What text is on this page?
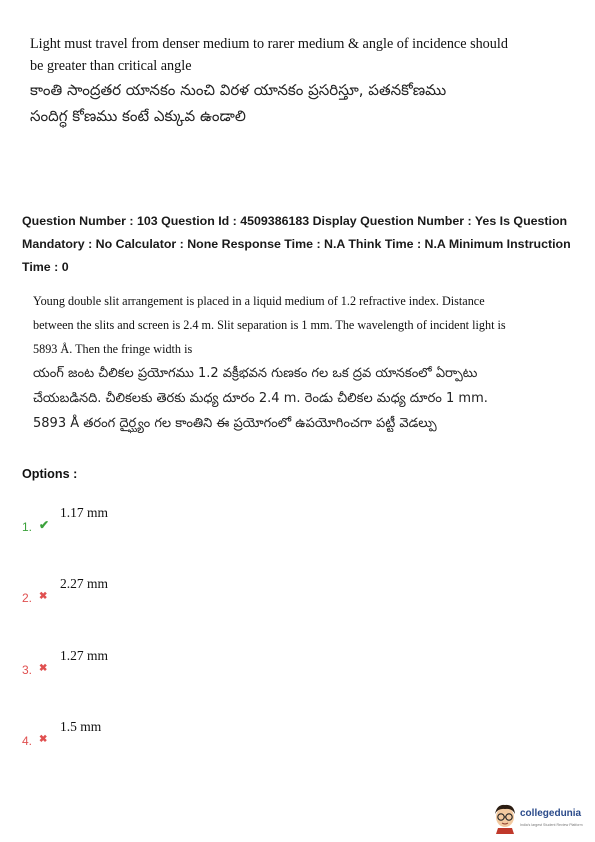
Light must travel from denser medium to rarer medium & angle of incidence should

be greater than critical angle

కాంతి సాంద్రతర యానకం నుంచి విరళ యానకం ప్రసరిస్తూ, పతనకోణము

సందిగ్ధ కోణము కంటే ఎక్కువ ఉండాలి

Question Number : 103 Question Id : 4509386183 Display Question Number : Yes Is Question Mandatory : No Calculator : None Response Time : N.A Think Time : N.A Minimum Instruction Time : 0

Young double slit arrangement is placed in a liquid medium of 1.2 refractive index. Distance

between the slits and screen is 2.4 m. Slit separation is 1 mm. The wavelength of incident light is

5893 Å. Then the fringe width is

యంగ్ జంట చీలికల ప్రయోగము 1.2 వక్రీభవన గుణకం గల ఒక ద్రవ యానకంలో ఏర్పాటు

చేయబడినది. చీలికలకు తెరకు మధ్య దూరం 2.4 m. రెండు చీలికల మధ్య దూరం 1 mm.

5893 Å తరంగ దైర్ఘ్యం గల కాంతిని ఈ ప్రయోగంలో ఉపయోగించగా పట్టీ వెడల్పు

Options :

1. ✔
1.17 mm
2. ✖
2.27 mm
3. ✖
1.27 mm
4. ✖
1.5 mm
collegedunia
India's largest Student Review Platform
